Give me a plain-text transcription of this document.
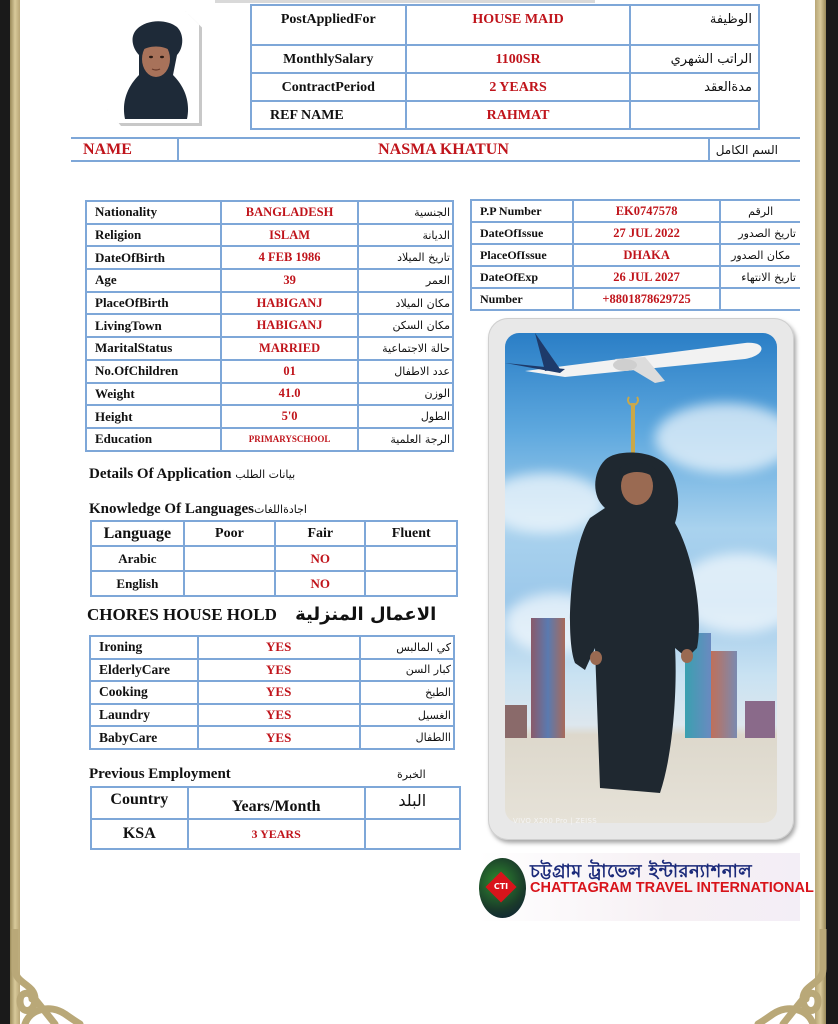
PostAppliedFor	HOUSE MAID	الوظيفة
MonthlySalary	1100SR	الراتب الشهري
ContractPeriod	2 YEARS	مدةالعقد
REF NAME	RAHMAT	
NAME	NASMA KHATUN	السم الكامل
Nationality	BANGLADESH	الجنسية
Religion	ISLAM	الديانة
DateOfBirth	4 FEB 1986	تاريخ الميلاد
Age	39	العمر
PlaceOfBirth	HABIGANJ	مكان الميلاد
LivingTown	HABIGANJ	مكان السكن
MaritalStatus	MARRIED	حالة الاجتماعية
No.OfChildren	01	عدد الاطفال
Weight	41.0	الوزن
Height	5'0	الطول
Education	PRIMARYSCHOOL	الرجة العلمية
P.P Number	EK0747578	الرقم
DateOfIssue	27 JUL 2022	تاريخ الصدور
PlaceOfIssue	DHAKA	مكان الصدور
DateOfExp	26 JUL 2027	تاريخ الانتهاء
Number	+8801878629725	
Details Of Application بيانات الطلب
Knowledge Of Languagesاجادةاللغات
Language	Poor	Fair	Fluent
Arabic		NO	
English		NO	
CHORES HOUSE HOLD الاعمال المنزلية
Ironing	YES	كي المالبس
ElderlyCare	YES	كبار السن
Cooking	YES	الطبخ
Laundry	YES	الغسيل
BabyCare	YES	االطفال
Previous Employment	الخبرة
Country	Years/Month	البلد
KSA	3 YEARS	
VIVO X200 Pro | ZEISS
CTI
চট্টগ্রাম ট্রাভেল ইন্টারন্যাশনাল
CHATTAGRAM TRAVEL INTERNATIONAL
